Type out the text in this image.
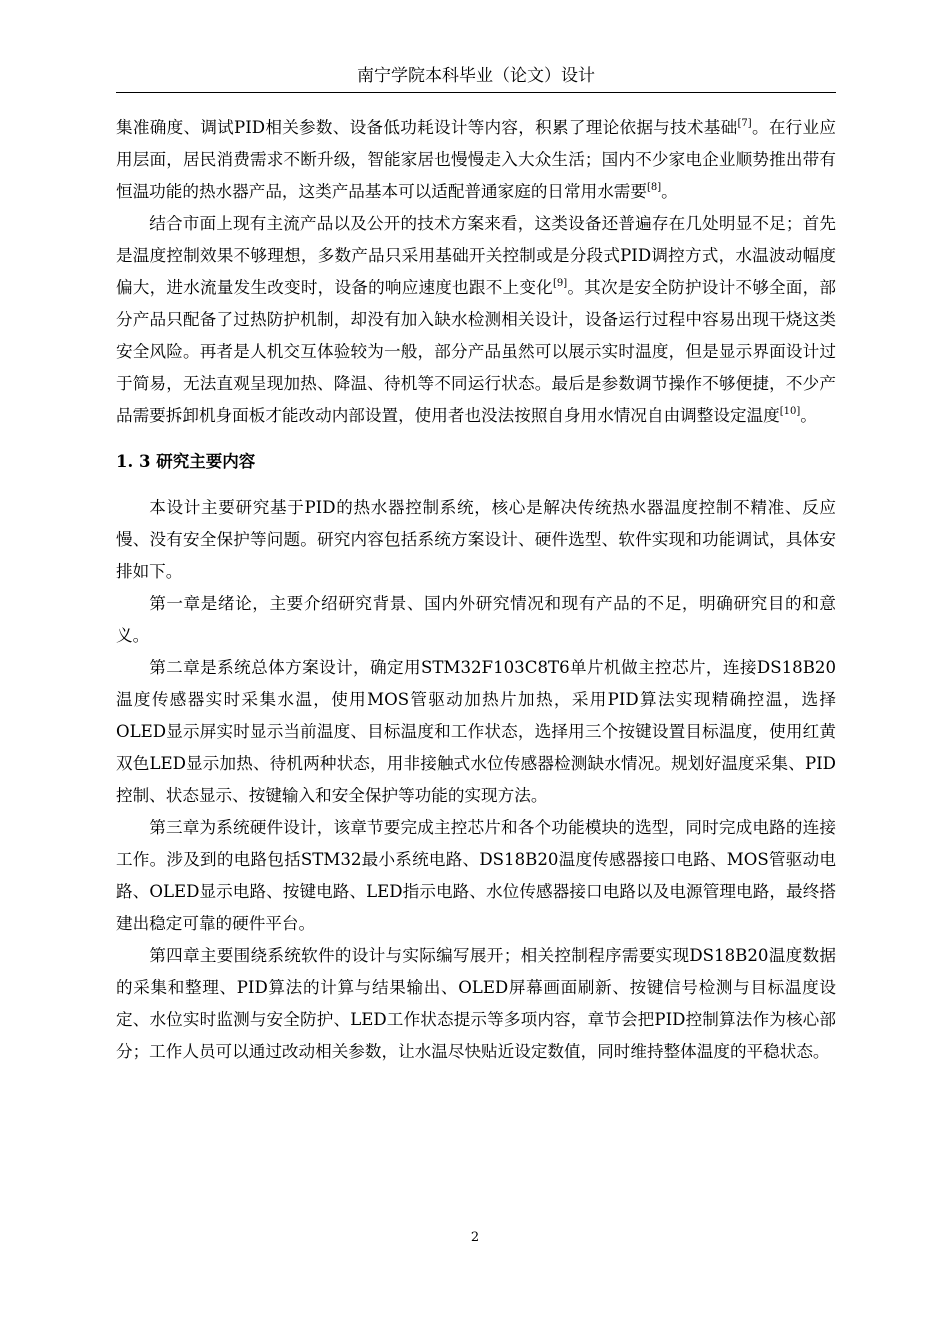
南宁学院本科毕业（论文）设计

集准确度、调试PID相关参数、设备低功耗设计等内容，积累了理论依据与技术基础[7]。在行业应用层面，居民消费需求不断升级，智能家居也慢慢走入大众生活；国内不少家电企业顺势推出带有恒温功能的热水器产品，这类产品基本可以适配普通家庭的日常用水需要[8]。

结合市面上现有主流产品以及公开的技术方案来看，这类设备还普遍存在几处明显不足；首先是温度控制效果不够理想，多数产品只采用基础开关控制或是分段式PID调控方式，水温波动幅度偏大，进水流量发生改变时，设备的响应速度也跟不上变化[9]。其次是安全防护设计不够全面，部分产品只配备了过热防护机制，却没有加入缺水检测相关设计，设备运行过程中容易出现干烧这类安全风险。再者是人机交互体验较为一般，部分产品虽然可以展示实时温度，但是显示界面设计过于简易，无法直观呈现加热、降温、待机等不同运行状态。最后是参数调节操作不够便捷，不少产品需要拆卸机身面板才能改动内部设置，使用者也没法按照自身用水情况自由调整设定温度[10]。

1. 3 研究主要内容

本设计主要研究基于PID的热水器控制系统，核心是解决传统热水器温度控制不精准、反应慢、没有安全保护等问题。研究内容包括系统方案设计、硬件选型、软件实现和功能调试，具体安排如下。

第一章是绪论，主要介绍研究背景、国内外研究情况和现有产品的不足，明确研究目的和意义。

第二章是系统总体方案设计，确定用STM32F103C8T6单片机做主控芯片，连接DS18B20温度传感器实时采集水温，使用MOS管驱动加热片加热，采用PID算法实现精确控温，选择OLED显示屏实时显示当前温度、目标温度和工作状态，选择用三个按键设置目标温度，使用红黄双色LED显示加热、待机两种状态，用非接触式水位传感器检测缺水情况。规划好温度采集、PID控制、状态显示、按键输入和安全保护等功能的实现方法。

第三章为系统硬件设计，该章节要完成主控芯片和各个功能模块的选型，同时完成电路的连接工作。涉及到的电路包括STM32最小系统电路、DS18B20温度传感器接口电路、MOS管驱动电路、OLED显示电路、按键电路、LED指示电路、水位传感器接口电路以及电源管理电路，最终搭建出稳定可靠的硬件平台。

第四章主要围绕系统软件的设计与实际编写展开；相关控制程序需要实现DS18B20温度数据的采集和整理、PID算法的计算与结果输出、OLED屏幕画面刷新、按键信号检测与目标温度设定、水位实时监测与安全防护、LED工作状态提示等多项内容，章节会把PID控制算法作为核心部分；工作人员可以通过改动相关参数，让水温尽快贴近设定数值，同时维持整体温度的平稳状态。

2
